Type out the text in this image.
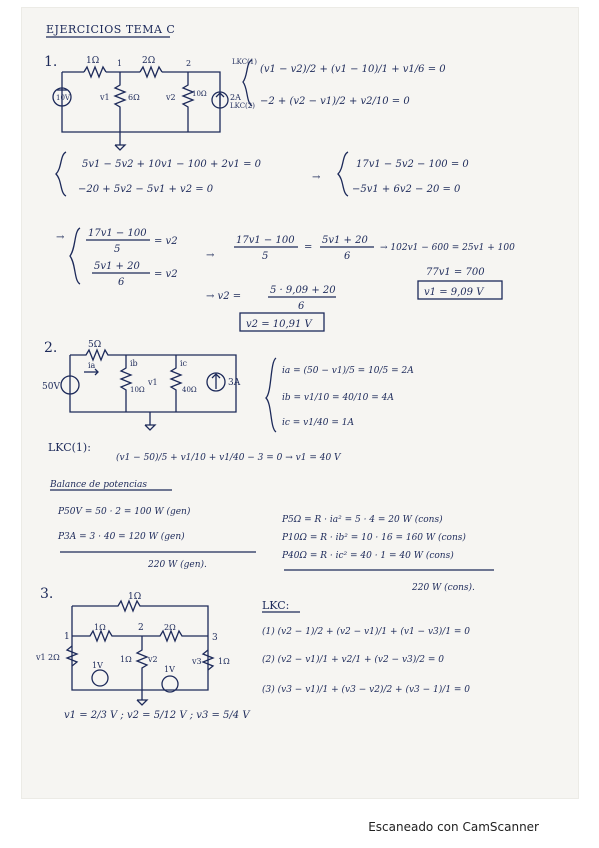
EJERCICIOS TEMA C
1.	1Ω	2Ω
1	2
10V	v1 6Ω	v2 10Ω	2A
LKC(1)
LKC(2)
(v1 − v2)/2 + (v1 − 10)/1 + v1/6 = 0
−2 + (v2 − v1)/2 + v2/10 = 0
5v1 − 5v2 + 10v1 − 100 + 2v1 = 0
−20 + 5v2 − 5v1 + v2 = 0
→
17v1 − 5v2 − 100 = 0
−5v1 + 6v2 − 20 = 0
→ 17v1 − 100
5
= v2
5v1 + 20
6
= v2
→
17v1 − 100
5
=
5v1 + 20
6
→ 102v1 − 600 = 25v1 + 100
77v1 = 700
v1 = 9,09 V
→ v2 =
5 · 9,09 + 20
6
v2 = 10,91 V
2.	5Ω
ia	ib	ic
v1
10Ω	40Ω
50V	3A
ia = (50 − v1)/5 = 10/5 = 2A
ib = v1/10 = 40/10 = 4A
ic = v1/40 = 1A
LKC(1):
(v1 − 50)/5 + v1/10 + v1/40 − 3 = 0 → v1 = 40 V
Balance de potencias
P50V = 50 · 2 = 100 W (gen)
P3A = 3 · 40 = 120 W (gen)
220 W (gen).
P5Ω = R · ia² = 5 · 4 = 20 W (cons)
P10Ω = R · ib² = 10 · 16 = 160 W (cons)
P40Ω = R · ic² = 40 · 1 = 40 W (cons)
220 W (cons).
3.	1Ω
1Ω	2Ω
1
2
3
v1 2Ω	1Ω v2	v3 1Ω
1V	1V
LKC:
(1) (v2 − 1)/2 + (v2 − v1)/1 + (v1 − v3)/1 = 0
(2) (v2 − v1)/1 + v2/1 + (v2 − v3)/2 = 0
(3) (v3 − v1)/1 + (v3 − v2)/2 + (v3 − 1)/1 = 0
v1 = 2/3 V ; v2 = 5/12 V ; v3 = 5/4 V
Escaneado con CamScanner
